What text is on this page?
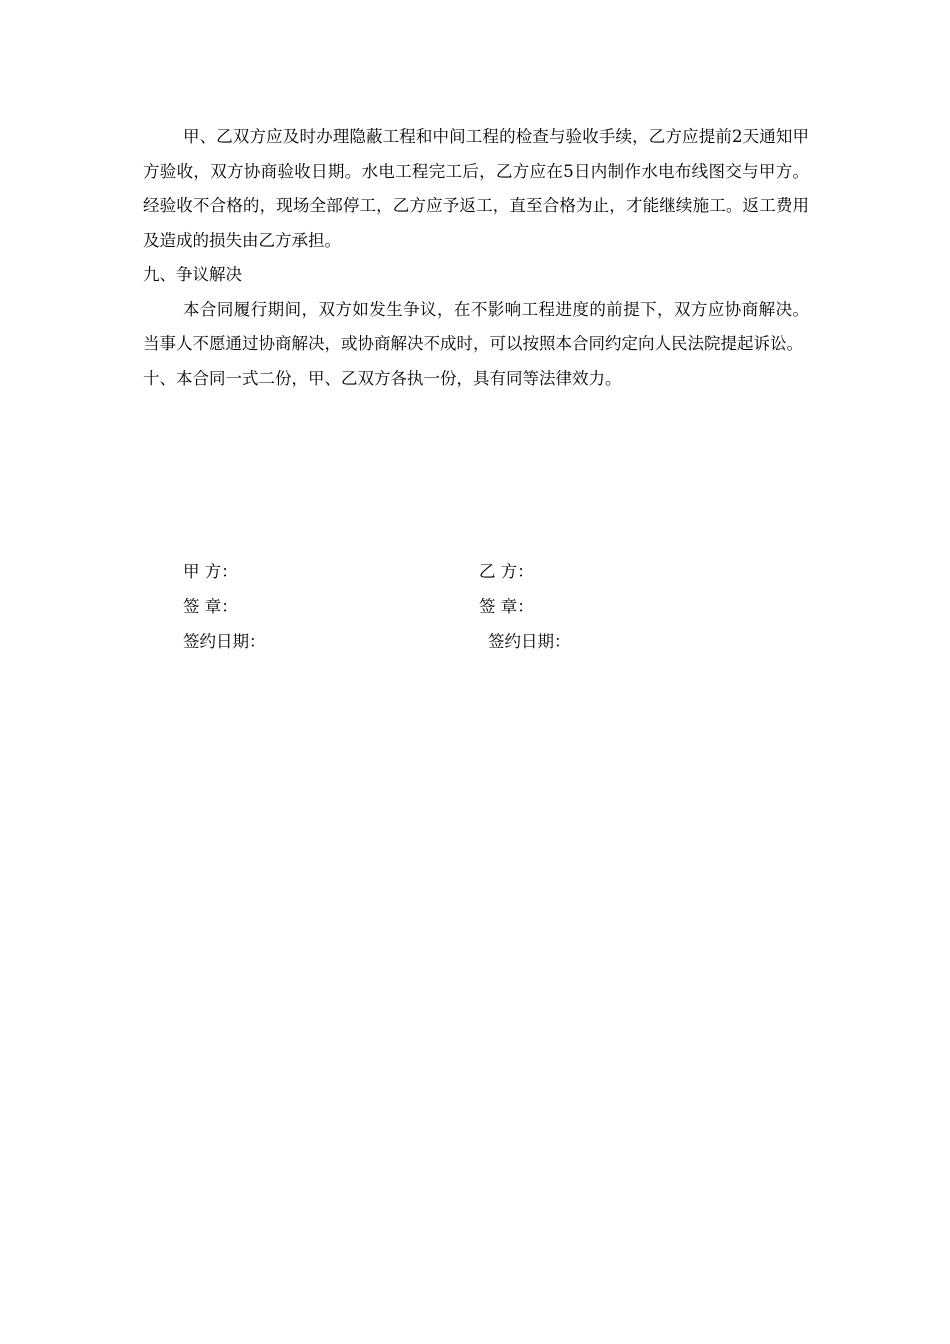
甲、乙双方应及时办理隐蔽工程和中间工程的检查与验收手续，乙方应提前2天通知甲方验收，双方协商验收日期。水电工程完工后，乙方应在5日内制作水电布线图交与甲方。经验收不合格的，现场全部停工，乙方应予返工，直至合格为止，才能继续施工。返工费用及造成的损失由乙方承担。

九、争议解决

本合同履行期间，双方如发生争议，在不影响工程进度的前提下，双方应协商解决。当事人不愿通过协商解决，或协商解决不成时，可以按照本合同约定向人民法院提起诉讼。

十、本合同一式二份，甲、乙双方各执一份，具有同等法律效力。

甲 方：	乙 方：
签 章：	签 章：
签约日期：	签约日期：
